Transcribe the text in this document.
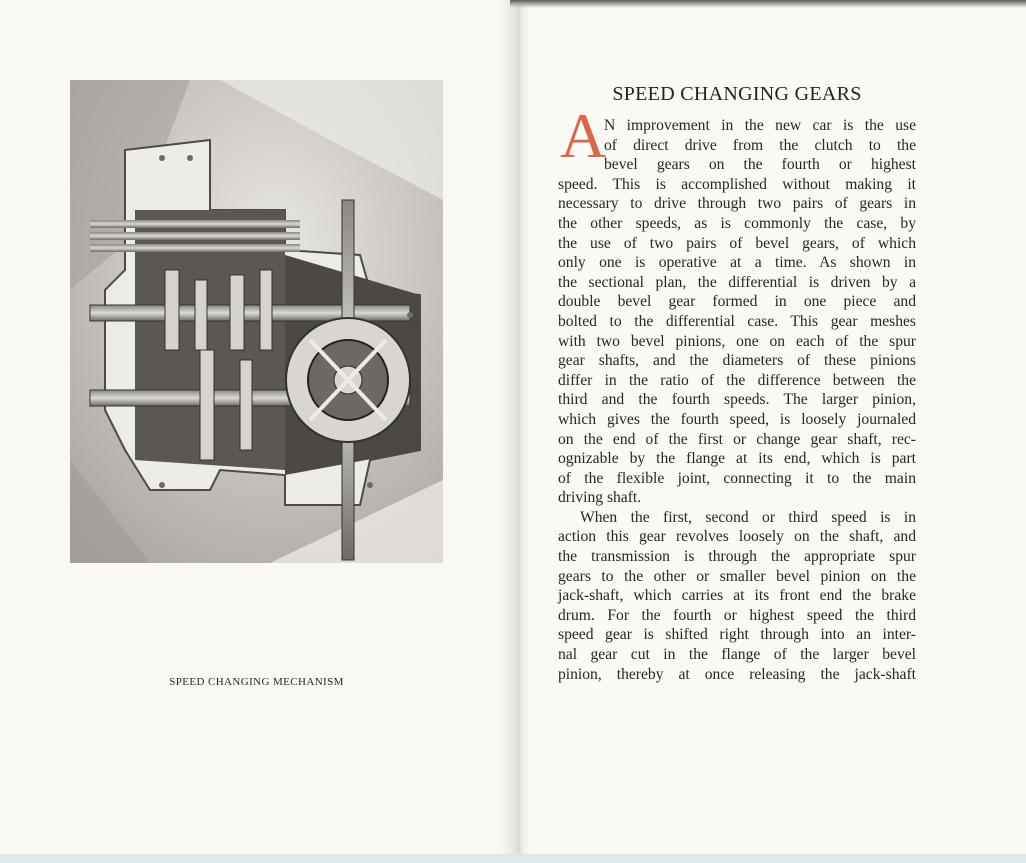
SPEED CHANGING MECHANISM
SPEED CHANGING GEARS
A
N improvement in the new car is the use
of direct drive from the clutch to the
bevel gears on the fourth or highest
speed. This is accomplished without making it
necessary to drive through two pairs of gears in
the other speeds, as is commonly the case, by
the use of two pairs of bevel gears, of which
only one is operative at a time. As shown in
the sectional plan, the differential is driven by a
double bevel gear formed in one piece and
bolted to the differential case. This gear meshes
with two bevel pinions, one on each of the spur
gear shafts, and the diameters of these pinions
differ in the ratio of the difference between the
third and the fourth speeds. The larger pinion,
which gives the fourth speed, is loosely journaled
on the end of the first or change gear shaft, rec-
ognizable by the flange at its end, which is part
of the flexible joint, connecting it to the main
driving shaft.
When the first, second or third speed is in
action this gear revolves loosely on the shaft, and
the transmission is through the appropriate spur
gears to the other or smaller bevel pinion on the
jack-shaft, which carries at its front end the brake
drum. For the fourth or highest speed the third
speed gear is shifted right through into an inter-
nal gear cut in the flange of the larger bevel
pinion, thereby at once releasing the jack-shaft
